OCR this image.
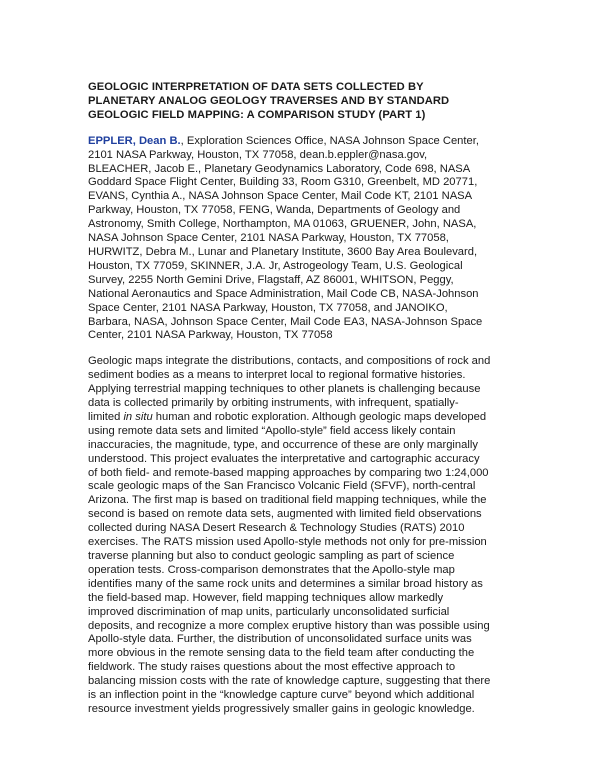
GEOLOGIC INTERPRETATION OF DATA SETS COLLECTED BY
PLANETARY ANALOG GEOLOGY TRAVERSES AND BY STANDARD
GEOLOGIC FIELD MAPPING: A COMPARISON STUDY (PART 1)
EPPLER, Dean B., Exploration Sciences Office, NASA Johnson Space Center,
2101 NASA Parkway, Houston, TX 77058, dean.b.eppler@nasa.gov,
BLEACHER, Jacob E., Planetary Geodynamics Laboratory, Code 698, NASA
Goddard Space Flight Center, Building 33, Room G310, Greenbelt, MD 20771,
EVANS, Cynthia A., NASA Johnson Space Center, Mail Code KT, 2101 NASA
Parkway, Houston, TX 77058, FENG, Wanda, Departments of Geology and
Astronomy, Smith College, Northampton, MA 01063, GRUENER, John, NASA,
NASA Johnson Space Center, 2101 NASA Parkway, Houston, TX 77058,
HURWITZ, Debra M., Lunar and Planetary Institute, 3600 Bay Area Boulevard,
Houston, TX 77059, SKINNER, J.A. Jr, Astrogeology Team, U.S. Geological
Survey, 2255 North Gemini Drive, Flagstaff, AZ 86001, WHITSON, Peggy,
National Aeronautics and Space Administration, Mail Code CB, NASA-Johnson
Space Center, 2101 NASA Parkway, Houston, TX 77058, and JANOIKO,
Barbara, NASA, Johnson Space Center, Mail Code EA3, NASA-Johnson Space
Center, 2101 NASA Parkway, Houston, TX 77058
Geologic maps integrate the distributions, contacts, and compositions of rock and
sediment bodies as a means to interpret local to regional formative histories.
Applying terrestrial mapping techniques to other planets is challenging because
data is collected primarily by orbiting instruments, with infrequent, spatially-
limited in situ human and robotic exploration. Although geologic maps developed
using remote data sets and limited “Apollo-style” field access likely contain
inaccuracies, the magnitude, type, and occurrence of these are only marginally
understood. This project evaluates the interpretative and cartographic accuracy
of both field- and remote-based mapping approaches by comparing two 1:24,000
scale geologic maps of the San Francisco Volcanic Field (SFVF), north-central
Arizona. The first map is based on traditional field mapping techniques, while the
second is based on remote data sets, augmented with limited field observations
collected during NASA Desert Research & Technology Studies (RATS) 2010
exercises. The RATS mission used Apollo-style methods not only for pre-mission
traverse planning but also to conduct geologic sampling as part of science
operation tests. Cross-comparison demonstrates that the Apollo-style map
identifies many of the same rock units and determines a similar broad history as
the field-based map. However, field mapping techniques allow markedly
improved discrimination of map units, particularly unconsolidated surficial
deposits, and recognize a more complex eruptive history than was possible using
Apollo-style data. Further, the distribution of unconsolidated surface units was
more obvious in the remote sensing data to the field team after conducting the
fieldwork. The study raises questions about the most effective approach to
balancing mission costs with the rate of knowledge capture, suggesting that there
is an inflection point in the “knowledge capture curve” beyond which additional
resource investment yields progressively smaller gains in geologic knowledge.
